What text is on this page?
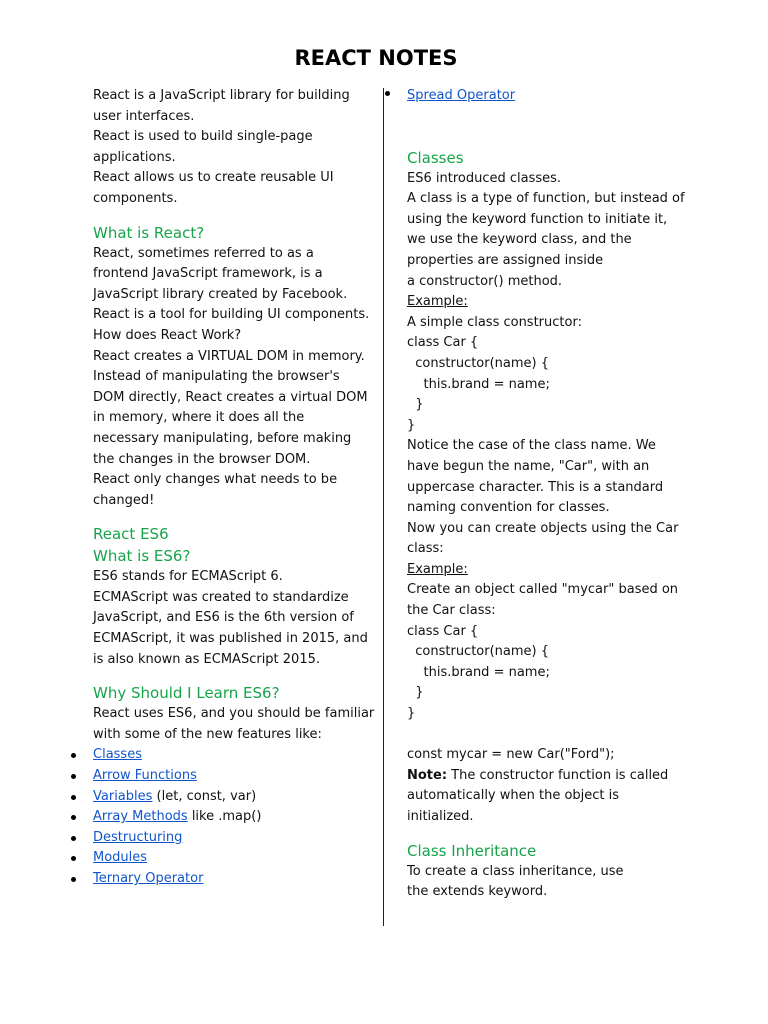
REACT NOTES
React is a JavaScript library for building
user interfaces.
React is used to build single-page
applications.
React allows us to create reusable UI
components.
What is React?
React, sometimes referred to as a
frontend JavaScript framework, is a
JavaScript library created by Facebook.
React is a tool for building UI components.
How does React Work?
React creates a VIRTUAL DOM in memory.
Instead of manipulating the browser's
DOM directly, React creates a virtual DOM
in memory, where it does all the
necessary manipulating, before making
the changes in the browser DOM.
React only changes what needs to be
changed!
React ES6
What is ES6?
ES6 stands for ECMAScript 6.
ECMAScript was created to standardize
JavaScript, and ES6 is the 6th version of
ECMAScript, it was published in 2015, and
is also known as ECMAScript 2015.
Why Should I Learn ES6?
React uses ES6, and you should be familiar
with some of the new features like:
Classes
Arrow Functions
Variables (let, const, var)
Array Methods like .map()
Destructuring
Modules
Ternary Operator
Spread Operator
Classes
ES6 introduced classes.
A class is a type of function, but instead of
using the keyword function to initiate it,
we use the keyword class, and the
properties are assigned inside
a constructor() method.
Example:
A simple class constructor:
class Car {
constructor(name) {
this.brand = name;
}
}
Notice the case of the class name. We
have begun the name, "Car", with an
uppercase character. This is a standard
naming convention for classes.
Now you can create objects using the Car
class:
Example:
Create an object called "mycar" based on
the Car class:
class Car {
constructor(name) {
this.brand = name;
}
}

const mycar = new Car("Ford");
Note: The constructor function is called
automatically when the object is
initialized.
Class Inheritance
To create a class inheritance, use
the extends keyword.
